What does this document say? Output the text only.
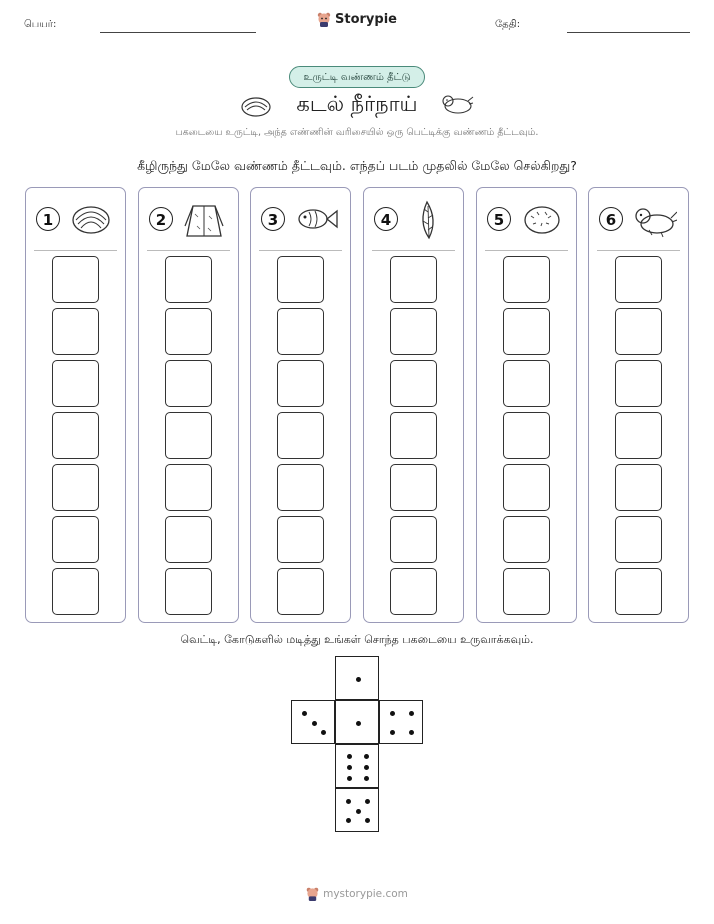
பெயர்:	தேதி:
Storypie
உருட்டி வண்ணம் தீட்டு
கடல் நீர்நாய்
பகடையை உருட்டி, அந்த எண்ணின் வரிசையில் ஒரு பெட்டிக்கு வண்ணம் தீட்டவும்.
கீழிருந்து மேலே வண்ணம் தீட்டவும். எந்தப் படம் முதலில் மேலே செல்கிறது?
1	2	3	4	5	6
வெட்டி, கோடுகளில் மடித்து உங்கள் சொந்த பகடையை உருவாக்கவும்.
mystorypie.com
